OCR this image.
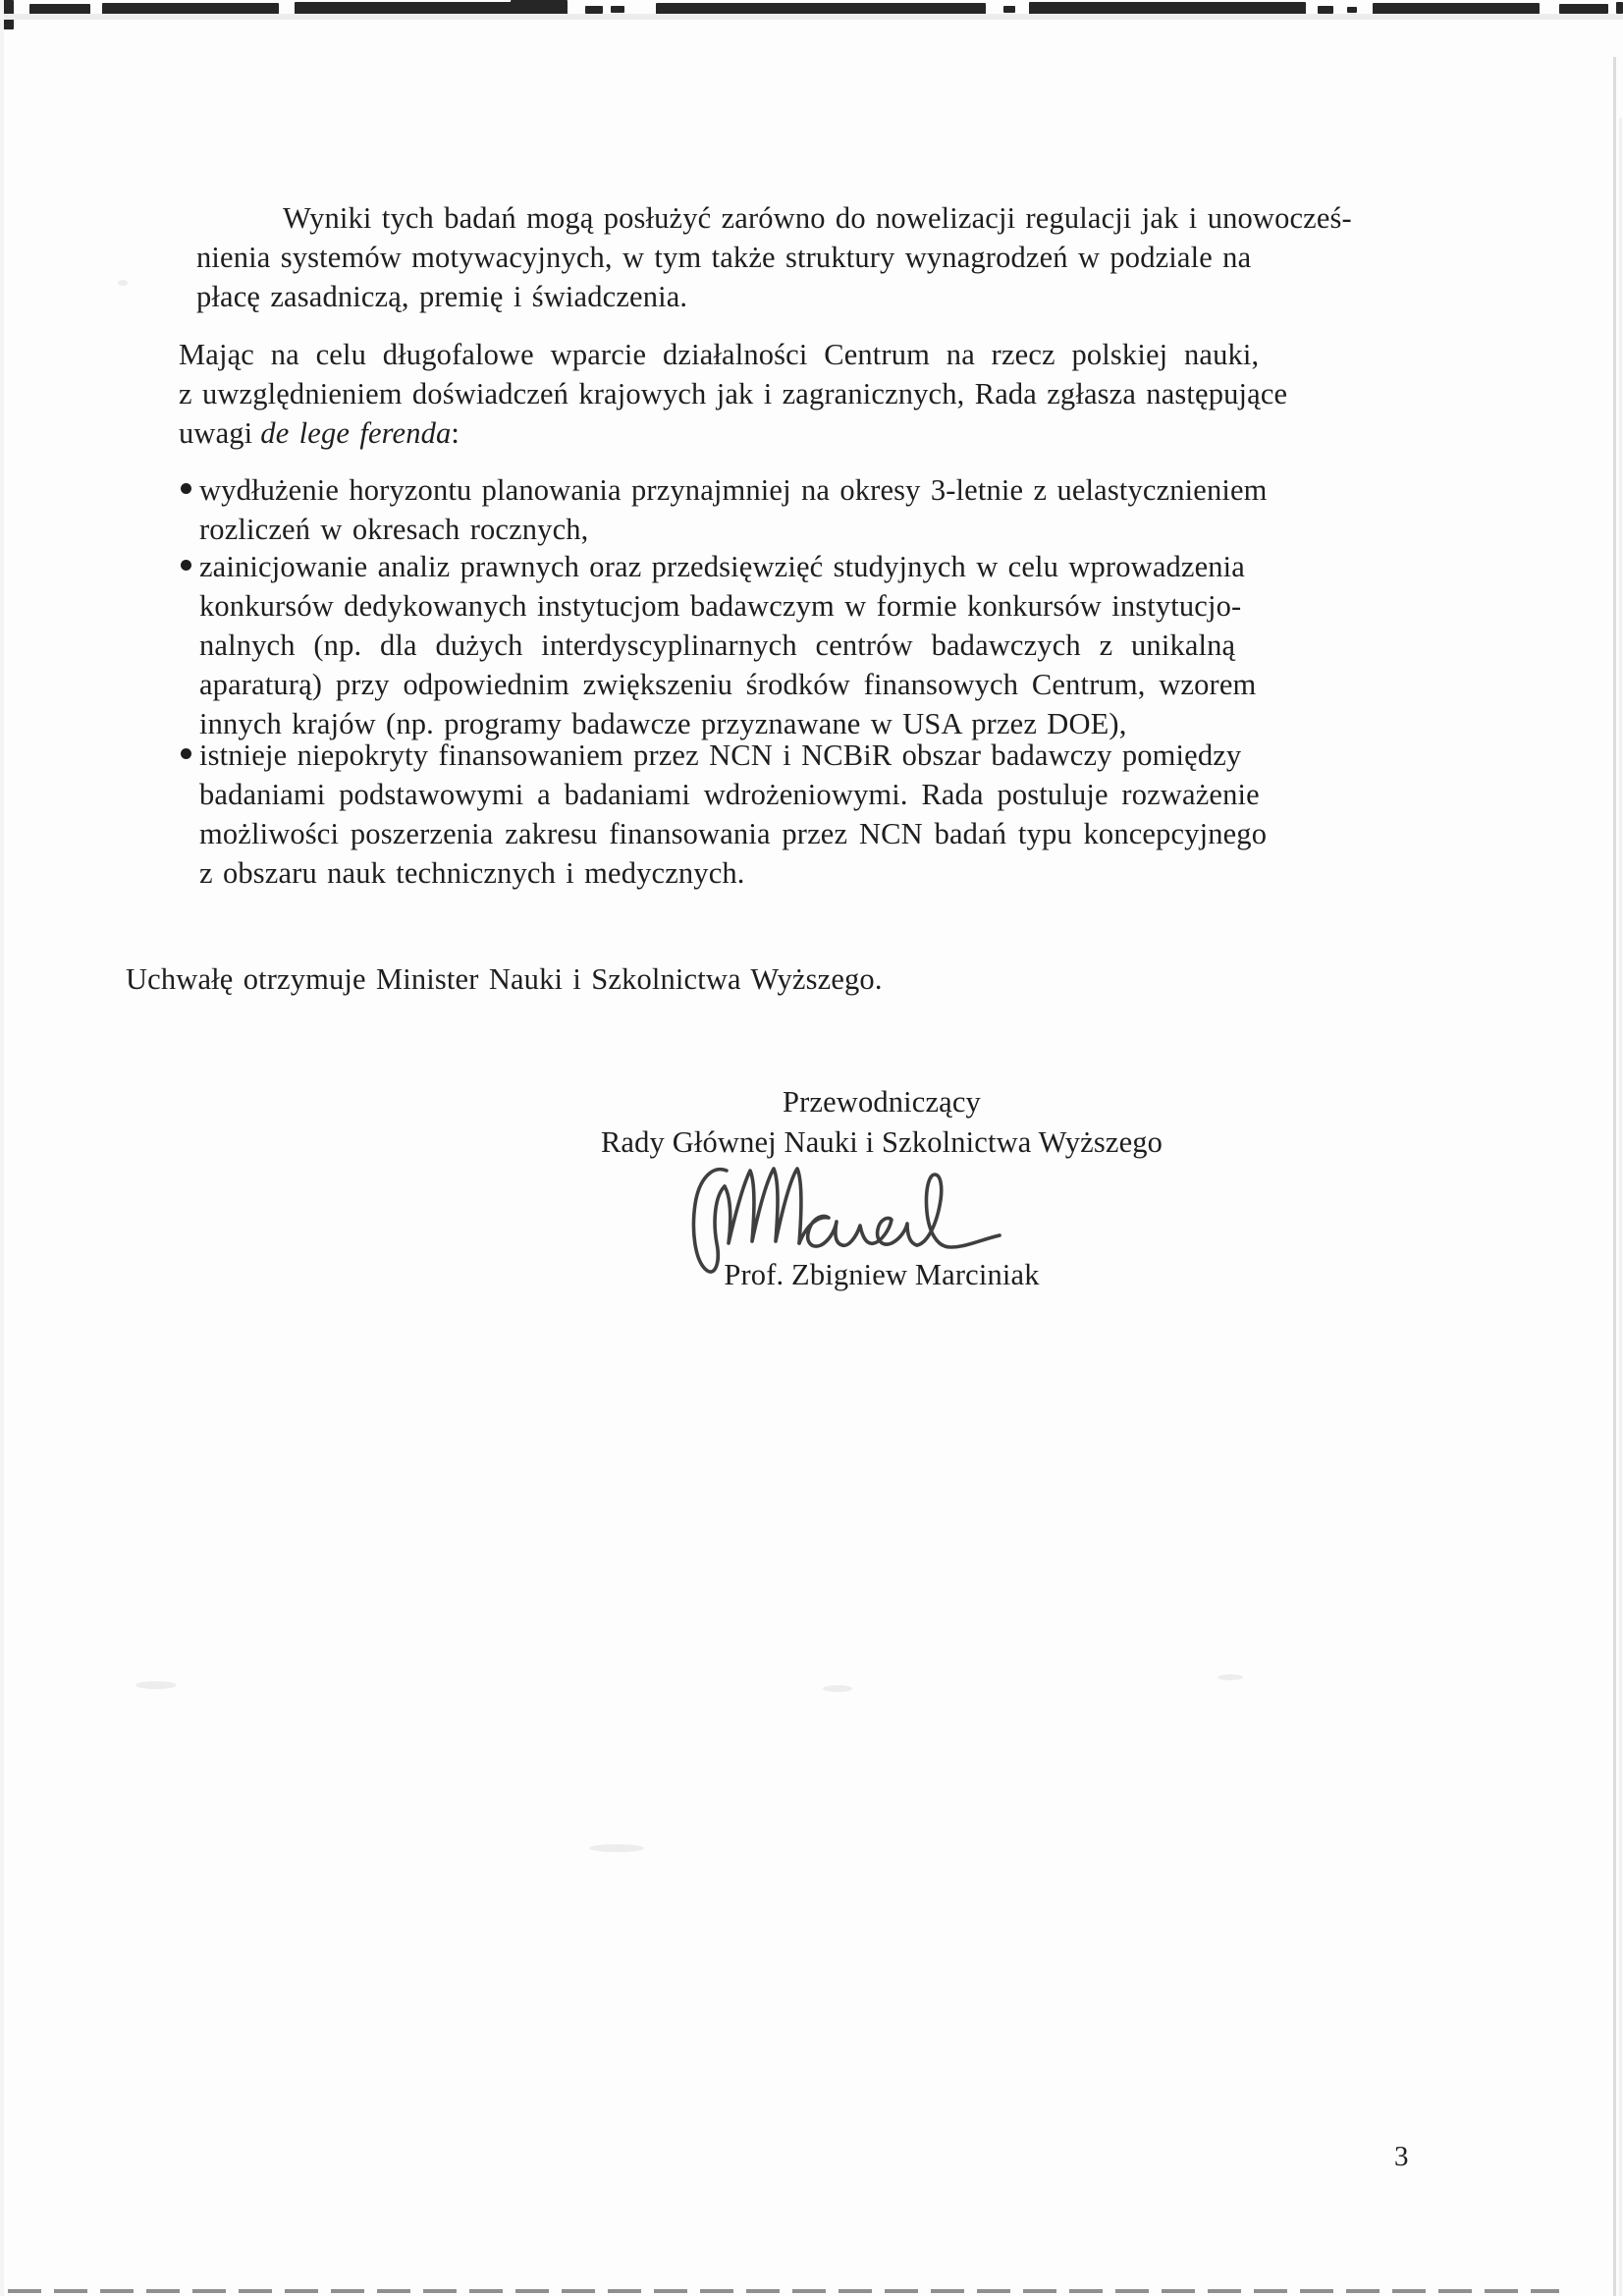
Wyniki tych badań mogą posłużyć zarówno do nowelizacji regulacji jak i unowocześ-
nienia systemów motywacyjnych, w tym także struktury wynagrodzeń w podziale na
płacę zasadniczą, premię i świadczenia.
Mając na celu długofalowe wparcie działalności Centrum na rzecz polskiej nauki,
z uwzględnieniem doświadczeń krajowych jak i zagranicznych, Rada zgłasza następujące
uwagi de lege ferenda:
wydłużenie horyzontu planowania przynajmniej na okresy 3-letnie z uelastycznieniem
rozliczeń w okresach rocznych,
zainicjowanie analiz prawnych oraz przedsięwzięć studyjnych w celu wprowadzenia
konkursów dedykowanych instytucjom badawczym w formie konkursów instytucjo-
nalnych (np. dla dużych interdyscyplinarnych centrów badawczych z unikalną
aparaturą) przy odpowiednim zwiększeniu środków finansowych Centrum, wzorem
innych krajów (np. programy badawcze przyznawane w USA przez DOE),
istnieje niepokryty finansowaniem przez NCN i NCBiR obszar badawczy pomiędzy
badaniami podstawowymi a badaniami wdrożeniowymi. Rada postuluje rozważenie
możliwości poszerzenia zakresu finansowania przez NCN badań typu koncepcyjnego
z obszaru nauk technicznych i medycznych.
Uchwałę otrzymuje Minister Nauki i Szkolnictwa Wyższego.
Przewodniczący
Rady Głównej Nauki i Szkolnictwa Wyższego
Prof. Zbigniew Marciniak
3
